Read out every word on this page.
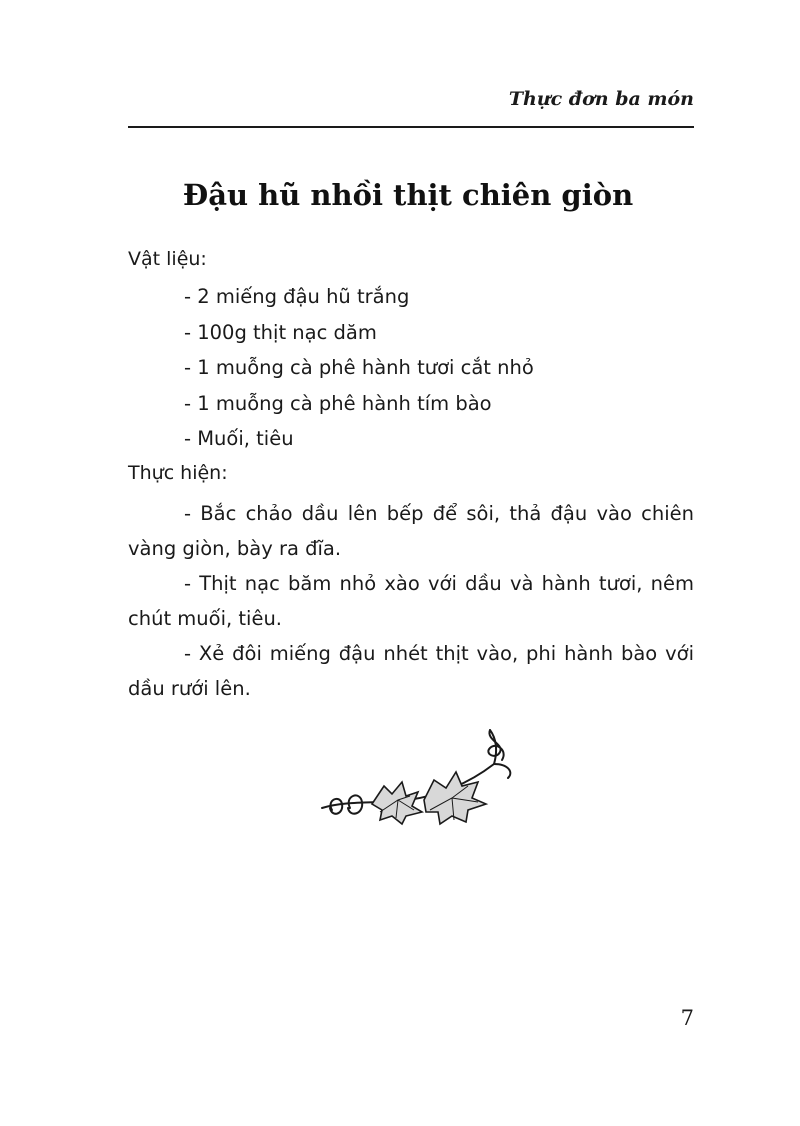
Thực đơn ba món
Đậu hũ nhồi thịt chiên giòn
Vật liệu:
- 2 miếng đậu hũ trắng
- 100g thịt nạc dăm
- 1 muỗng cà phê hành tươi cắt nhỏ
- 1 muỗng cà phê hành tím bào
- Muối, tiêu
Thực hiện:

- Bắc chảo dầu lên bếp để sôi, thả đậu vào chiên vàng giòn, bày ra đĩa.

- Thịt nạc băm nhỏ xào với dầu và hành tươi, nêm chút muối, tiêu.

- Xẻ đôi miếng đậu nhét thịt vào, phi hành bào với dầu rưới lên.

7
